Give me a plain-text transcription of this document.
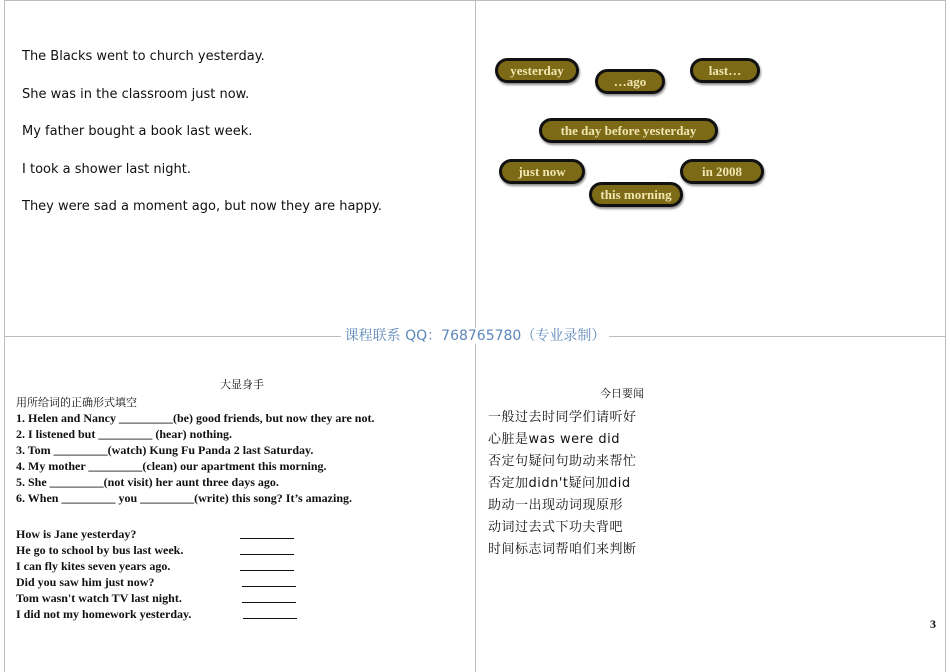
The Blacks went to church yesterday.
She was in the classroom just now.
My father bought a book last week.
I took a shower last night.
They were sad a moment ago, but now they are happy.
yesterday
…ago
last…
the day before yesterday
just now	in 2008
this morning
课程联系 QQ：768765780（专业录制）
大显身手
用所给词的正确形式填空
1. Helen and Nancy _________(be) good friends, but now they are not.
2. I listened but _________ (hear) nothing.
3. Tom _________(watch) Kung Fu Panda 2 last Saturday.
4. My mother _________(clean) our apartment this morning.
5. She _________(not visit) her aunt three days ago.
6. When _________ you _________(write) this song? It’s amazing.
How is Jane yesterday?
He go to school by bus last week.
I can fly kites seven years ago.
Did you saw him just now?
Tom wasn't watch TV last night.
I did not my homework yesterday.
今日要闻
一般过去时同学们请听好
心脏是was were did
否定句疑问句助动来帮忙
否定加didn't疑问加did
助动一出现动词现原形
动词过去式下功夫背吧
时间标志词帮咱们来判断
3
